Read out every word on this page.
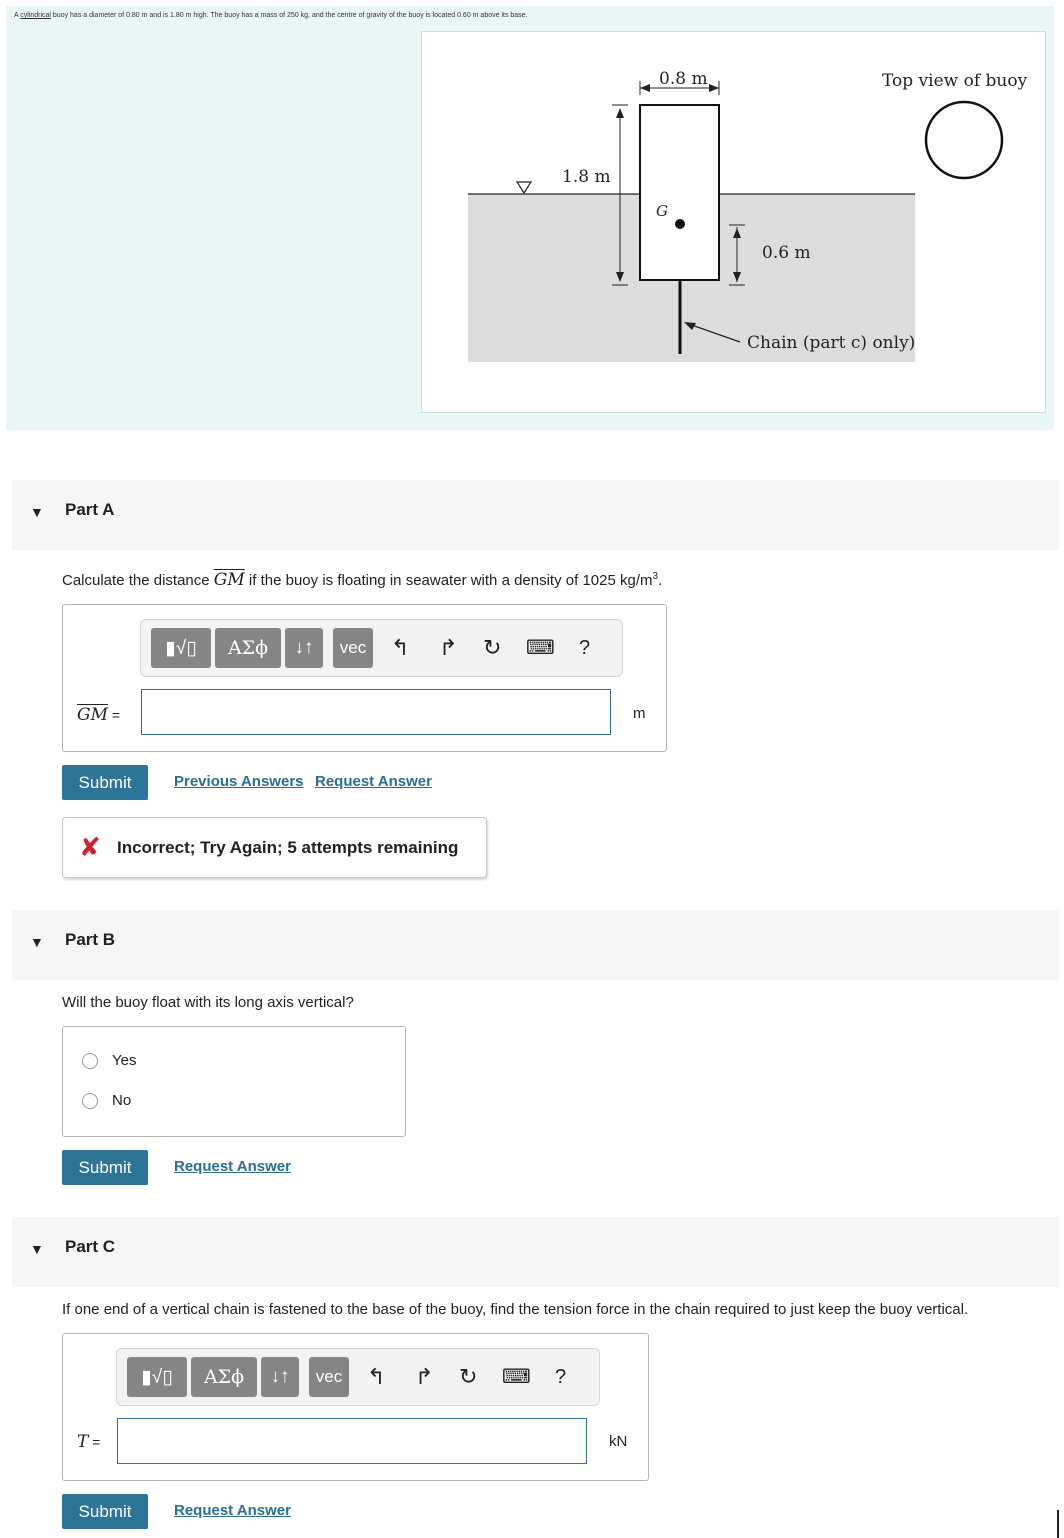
A cylindrical buoy has a diameter of 0.80 m and is 1.80 m high. The buoy has a mass of 250 kg, and the centre of gravity of the buoy is located 0.60 m above its base.
G
0.8 m
1.8 m
0.6 m
Chain (part c) only)
Top view of buoy
▼ Part A
Calculate the distance $\overline{GM}$ if the buoy is floating in seawater with a density of 1025 $kg/m^3$.
▮√▯	ΑΣϕ	↓↑	vec	↰ ↱ ↻ ⌨ ?
$\overline{GM}$ =	m
Submit	Previous Answers Request Answer
✘ Incorrect; Try Again; 5 attempts remaining
▼ Part B
Will the buoy float with its long axis vertical?
Yes
No
Submit	Request Answer
▼ Part C
If one end of a vertical chain is fastened to the base of the buoy, find the tension force in the chain required to just keep the buoy vertical.
▮√▯	ΑΣϕ	↓↑	vec	↰ ↱ ↻ ⌨ ?
T =	kN
Submit	Request Answer
